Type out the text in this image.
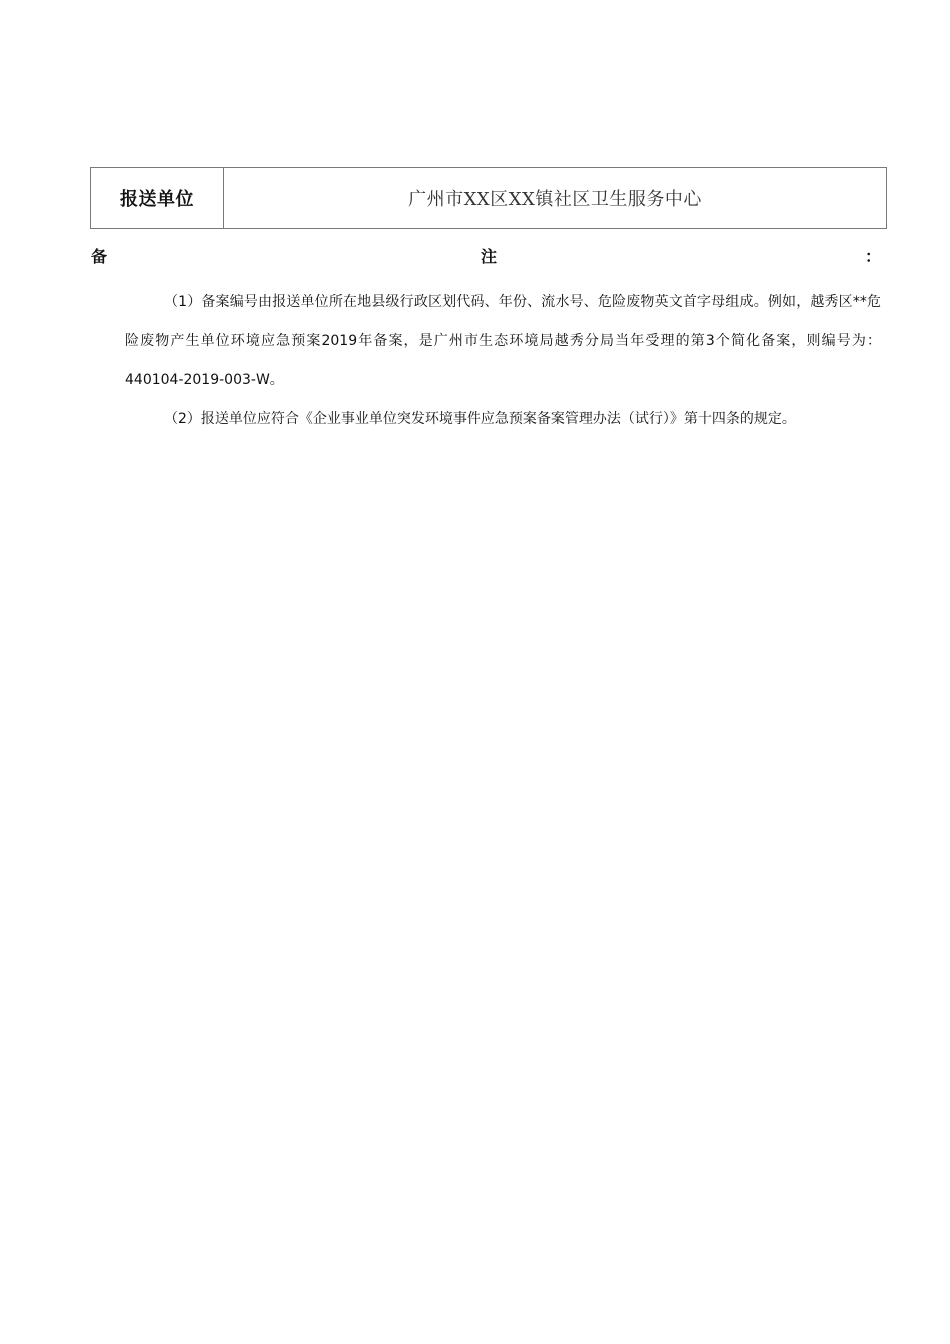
报送单位	广州市XX区XX镇社区卫生服务中心
备	注	：

（1）备案编号由报送单位所在地县级行政区划代码、年份、流水号、危险废物英文首字母组成。例如，越秀区**危险废物产生单位环境应急预案2019年备案，是广州市生态环境局越秀分局当年受理的第3个简化备案，则编号为：440104-2019-003-W。

（2）报送单位应符合《企业事业单位突发环境事件应急预案备案管理办法（试行）》第十四条的规定。
